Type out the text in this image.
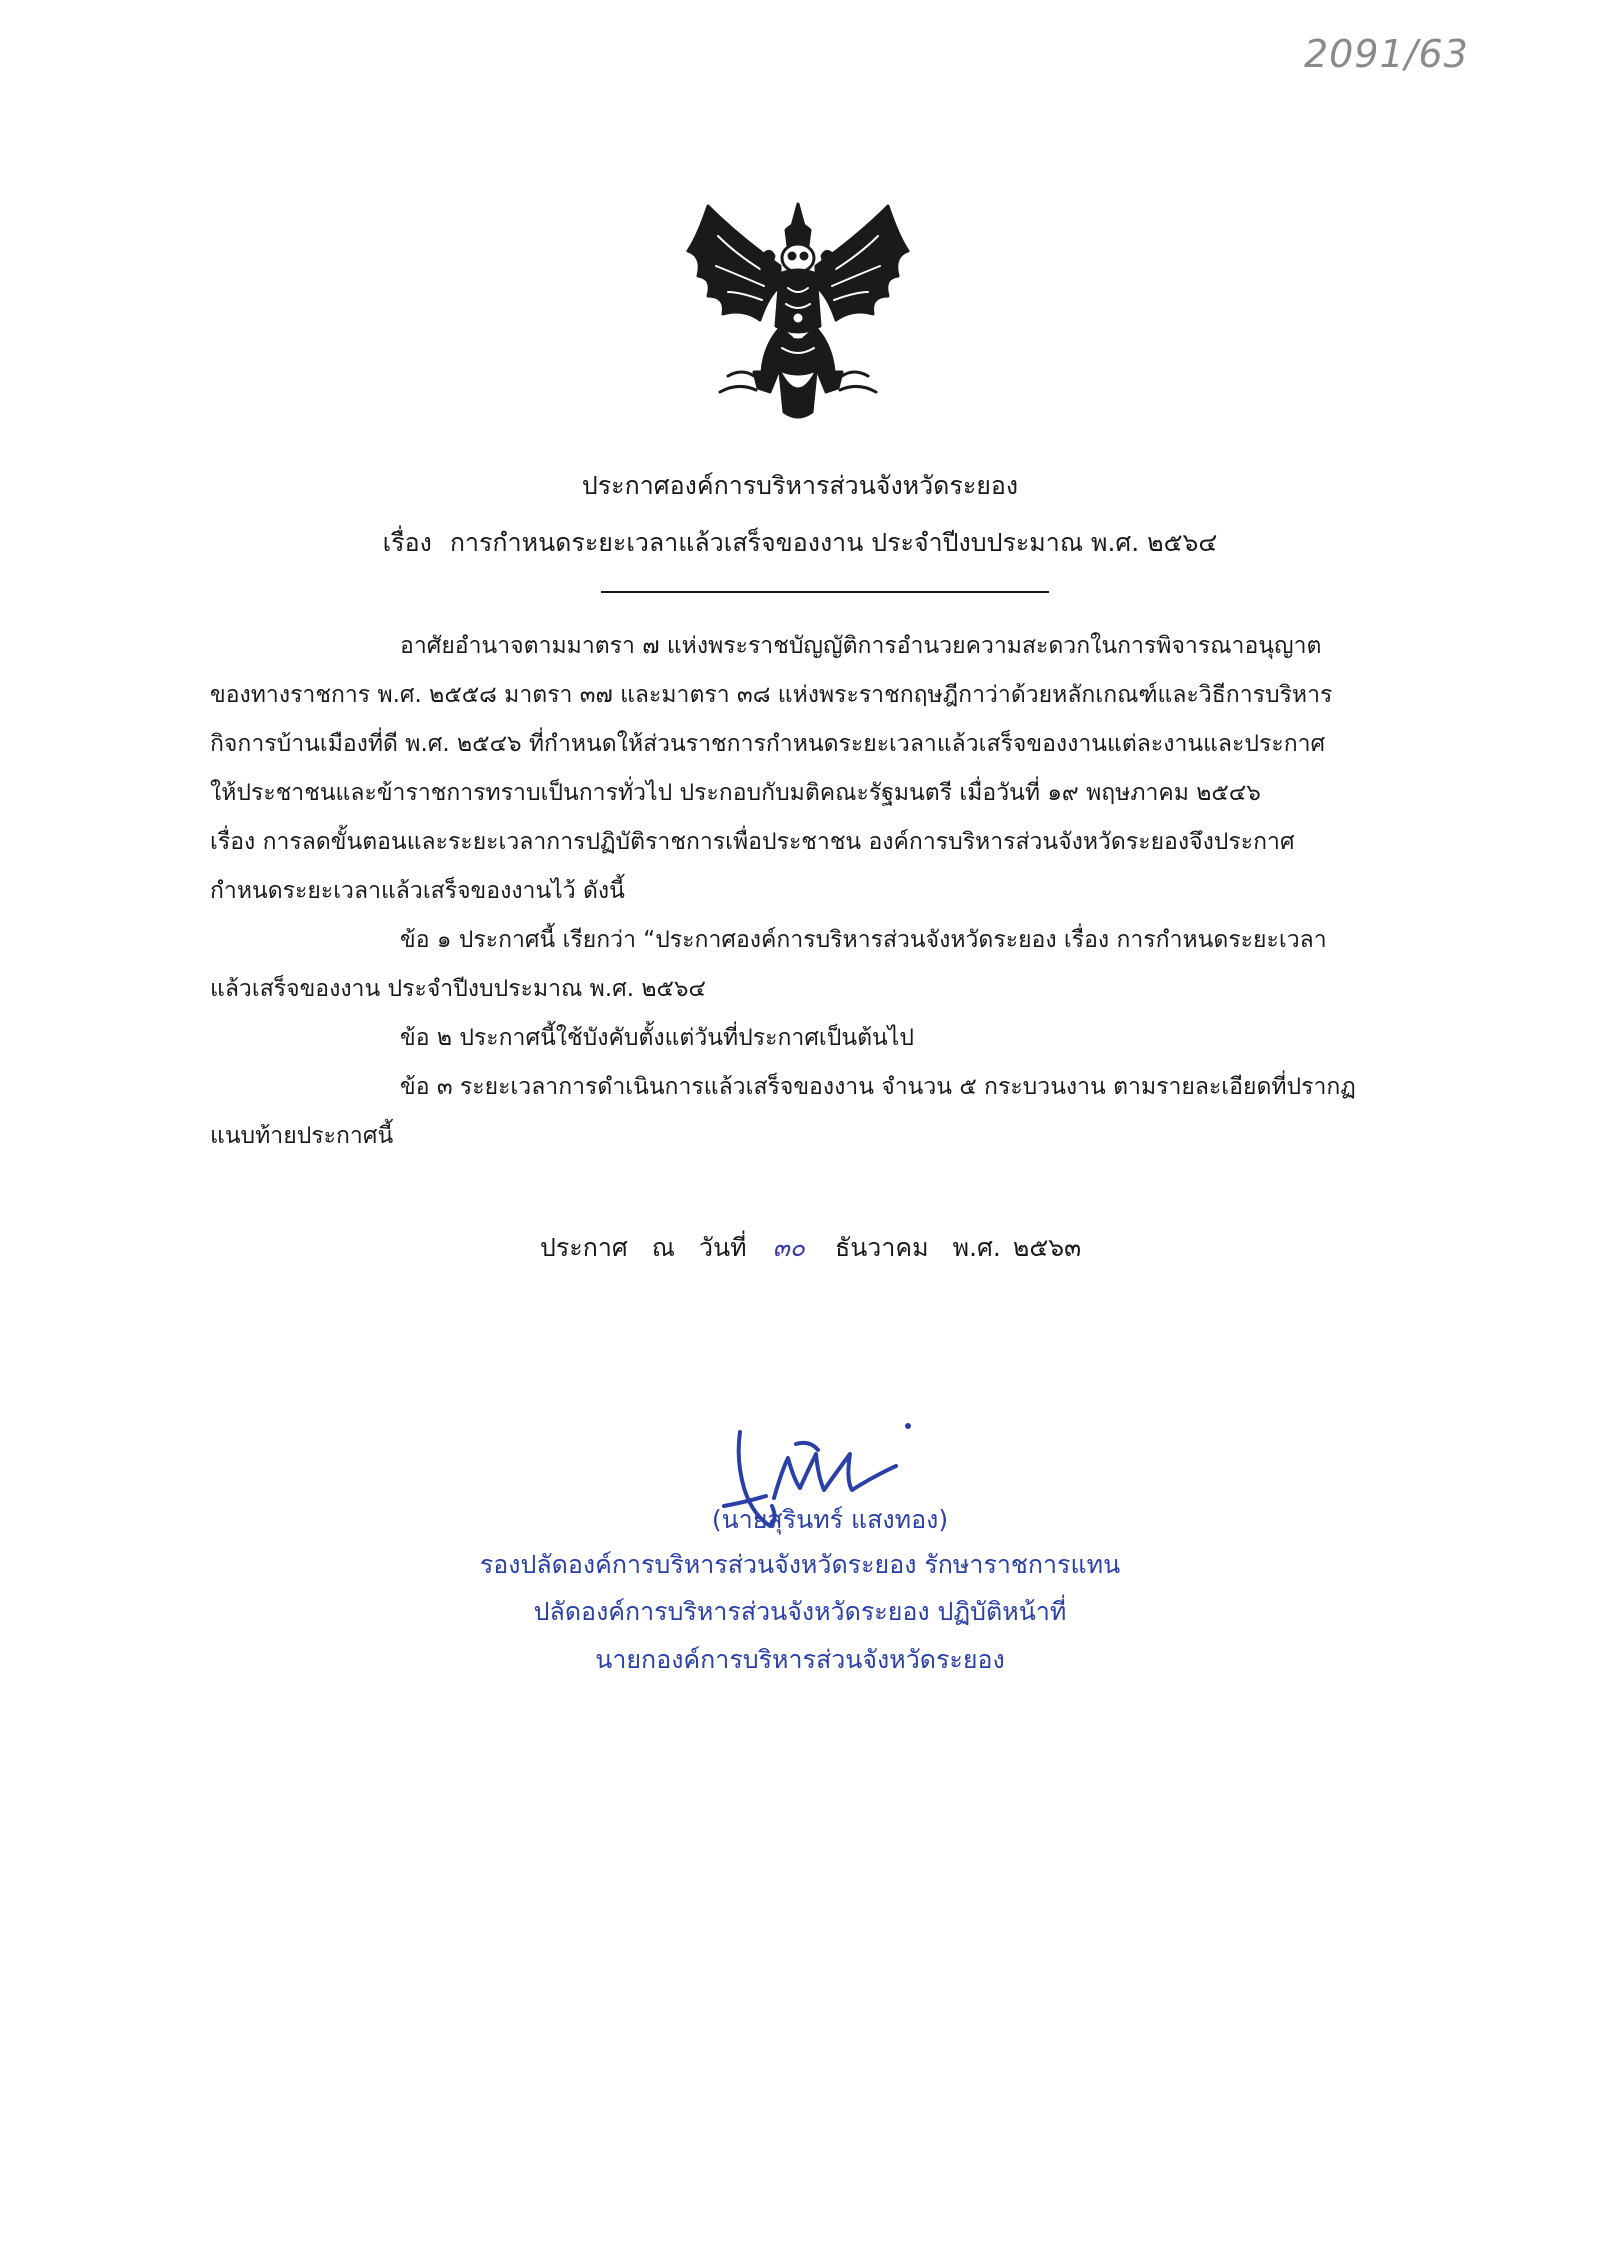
2091/63
ประกาศองค์การบริหารส่วนจังหวัดระยอง
เรื่อง การกำหนดระยะเวลาแล้วเสร็จของงาน ประจำปีงบประมาณ พ.ศ. ๒๕๖๔
อาศัยอำนาจตามมาตรา ๗ แห่งพระราชบัญญัติการอำนวยความสะดวกในการพิจารณาอนุญาต
ของทางราชการ พ.ศ. ๒๕๕๘ มาตรา ๓๗ และมาตรา ๓๘ แห่งพระราชกฤษฎีกาว่าด้วยหลักเกณฑ์และวิธีการบริหาร
กิจการบ้านเมืองที่ดี พ.ศ. ๒๕๔๖ ที่กำหนดให้ส่วนราชการกำหนดระยะเวลาแล้วเสร็จของงานแต่ละงานและประกาศ
ให้ประชาชนและข้าราชการทราบเป็นการทั่วไป ประกอบกับมติคณะรัฐมนตรี เมื่อวันที่ ๑๙ พฤษภาคม ๒๕๔๖
เรื่อง การลดขั้นตอนและระยะเวลาการปฏิบัติราชการเพื่อประชาชน องค์การบริหารส่วนจังหวัดระยองจึงประกาศ
กำหนดระยะเวลาแล้วเสร็จของงานไว้ ดังนี้
ข้อ ๑ ประกาศนี้ เรียกว่า “ประกาศองค์การบริหารส่วนจังหวัดระยอง เรื่อง การกำหนดระยะเวลา
แล้วเสร็จของงาน ประจำปีงบประมาณ พ.ศ. ๒๕๖๔
ข้อ ๒ ประกาศนี้ใช้บังคับตั้งแต่วันที่ประกาศเป็นต้นไป
ข้อ ๓ ระยะเวลาการดำเนินการแล้วเสร็จของงาน จำนวน ๕ กระบวนงาน ตามรายละเอียดที่ปรากฏ
แนบท้ายประกาศนี้
ประกาศ ณ วันที่ ๓๐ ธันวาคม พ.ศ. ๒๕๖๓
(นายสุรินทร์ แสงทอง)
รองปลัดองค์การบริหารส่วนจังหวัดระยอง รักษาราชการแทน
ปลัดองค์การบริหารส่วนจังหวัดระยอง ปฏิบัติหน้าที่
นายกองค์การบริหารส่วนจังหวัดระยอง
